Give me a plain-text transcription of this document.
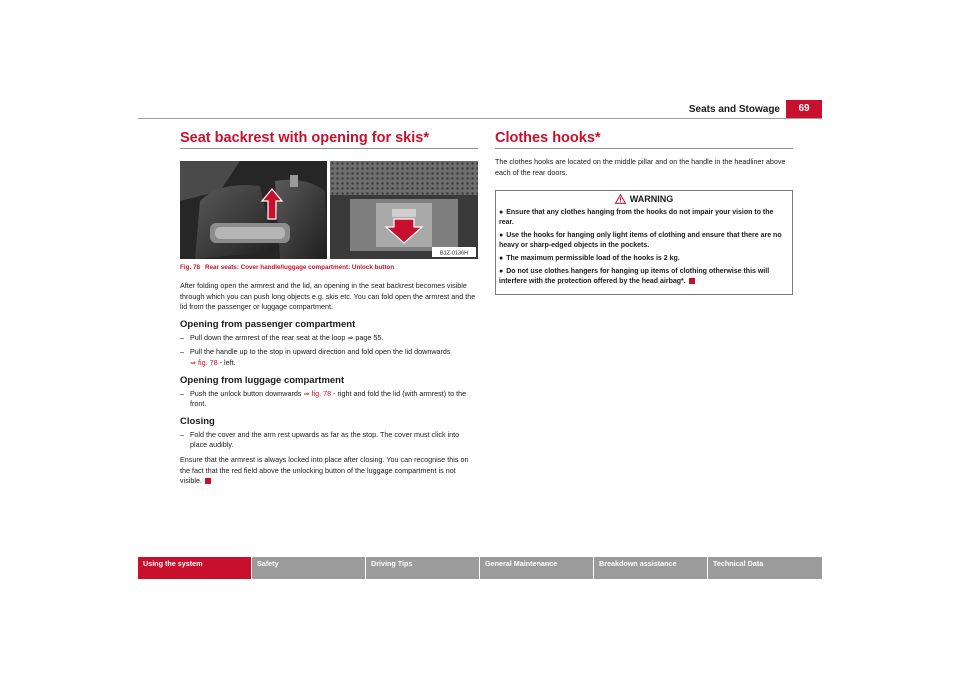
Seats and Stowage	69
Seat backrest with opening for skis*
B1Z-0136H
Fig. 78 Rear seats: Cover handle/luggage compartment: Unlock button

After folding open the armrest and the lid, an opening in the seat backrest becomes visible through which you can push long objects e.g. skis etc. You can fold open the armrest and the lid from the passenger or luggage compartment.

Opening from passenger compartment
– Pull down the armrest of the rear seat at the loop ⇒ page 55.
– Pull the handle up to the stop in upward direction and fold open the lid downwards
⇒ fig. 78 - left.
Opening from luggage compartment
– Push the unlock button downwards ⇒ fig. 78 - right and fold the lid (with armrest) to the front.
Closing
– Fold the cover and the arm rest upwards as far as the stop. The cover must click into place audibly.

Ensure that the armrest is always locked into place after closing. You can recognise this on the fact that the red field above the unlocking button of the luggage compartment is not visible.

Clothes hooks*

The clothes hooks are located on the middle pillar and on the handle in the headliner above each of the rear doors.

WARNING
● Ensure that any clothes hanging from the hooks do not impair your vision to the rear.
● Use the hooks for hanging only light items of clothing and ensure that there are no heavy or sharp-edged objects in the pockets.
● The maximum permissible load of the hooks is 2 kg.
● Do not use clothes hangers for hanging up items of clothing otherwise this will interfere with the protection offered by the head airbag*.
Using the system	Safety	Driving Tips	General Maintenance	Breakdown assistance	Technical Data
